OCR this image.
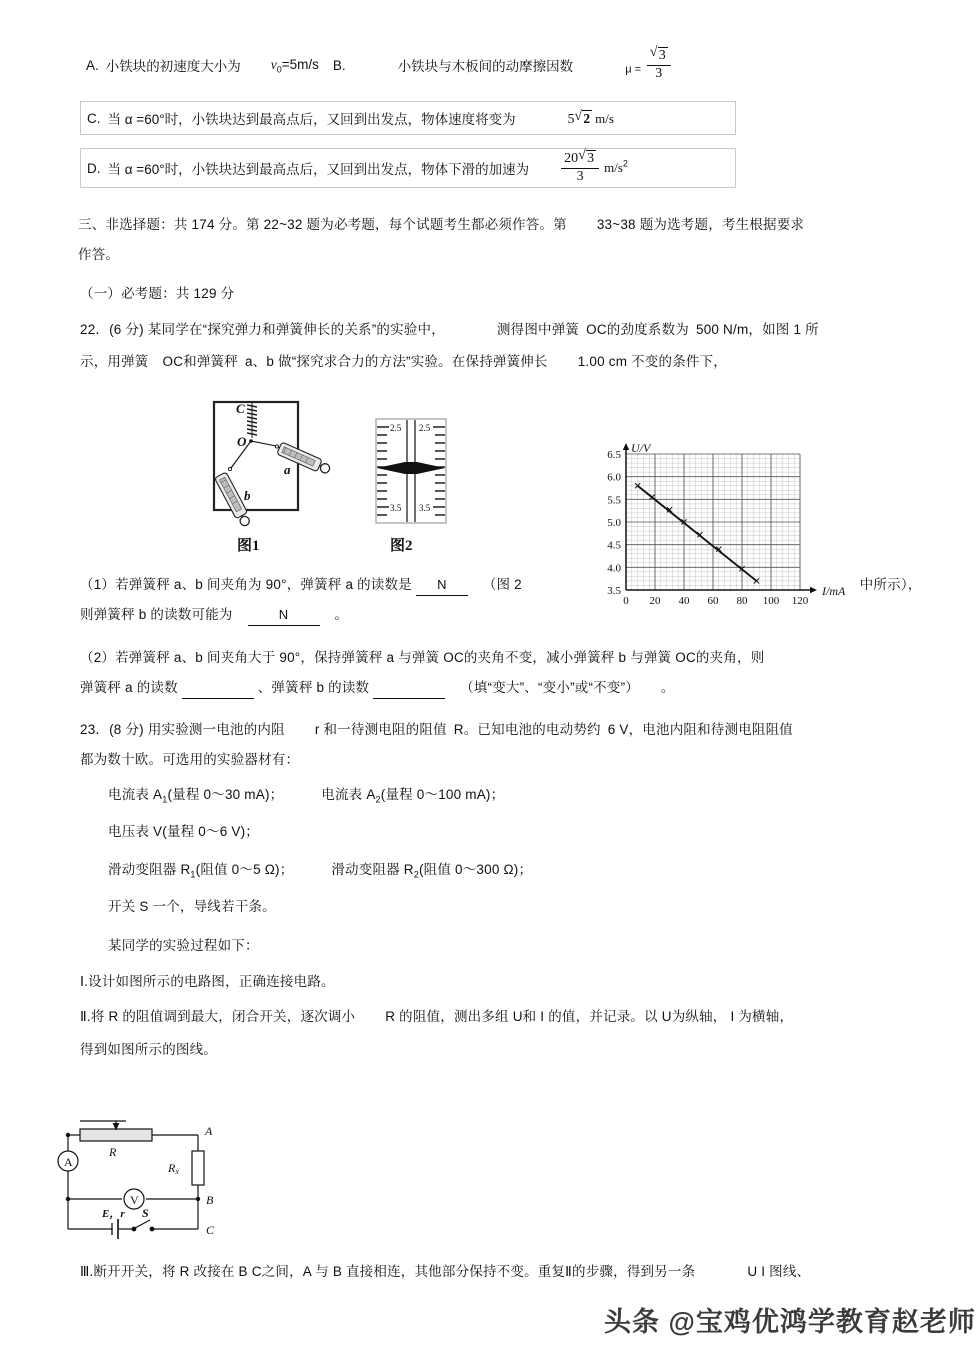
A. 小铁块的初速度大小为 $v_0=5m/s$ B.	小铁块与木板间的动摩擦因数	$_{\mu =}$ √ $\frac{3}{3}$
C. 当 α =60°时，小铁块达到最高点后，又回到出发点，物体速度将变为	5 √ 2 m/s
D. 当 α =60°时，小铁块达到最高点后，又回到出发点，物体下滑的加速为 $\frac{20 √ 3}{3} m/s^2$
三、非选择题：共 174 分。第 22~32 题为必考题，每个试题考生都必须作答。第 33~38 题为选考题，考生根据要求
作答。
（一）必考题：共 129 分
22．(6 分) 某同学在“探究弹力和弹簧伸长的关系”的实验中，	测得图中弹簧 OC的劲度系数为 500 N/m，如图 1 所
示，用弹簧 OC和弹簧秤 a、b 做“探究求合力的方法”实验。在保持弹簧伸长 1.00 cm 不变的条件下，
C
O
a
b
图1
2.5 2.5
3 3
3.5 3.5
图2
3.5
4.0
4.5
5.0
5.5
6.0
6.5
0 20 40 60 80 100 120
U/V
I/mA
（1）若弹簧秤 a、b 间夹角为 90°，弹簧秤 a 的读数是 N	（图 2	中所示），
则弹簧秤 b 的读数可能为	N	。
（2）若弹簧秤 a、b 间夹角大于 90°，保持弹簧秤 a 与弹簧 OC的夹角不变，减小弹簧秤 b 与弹簧 OC的夹角，则
弹簧秤 a 的读数	、弹簧秤 b 的读数	（填“变大”、“变小”或“不变”） 。
23．(8 分) 用实验测一电池的内阻 r 和一待测电阻的阻值 R。已知电池的电动势约 6 V，电池内阻和待测电阻阻值
都为数十欧。可选用的实验器材有：
电流表 $A_1$(量程 0～30 mA)；	电流表 $A_2$(量程 0～100 mA)；
电压表 V(量程 0～6 V)；
滑动变阻器 $R_1$(阻值 0～5 Ω)；	滑动变阻器 $R_2$(阻值 0～300 Ω)；
开关 S 一个，导线若干条。
某同学的实验过程如下：
Ⅰ.设计如图所示的电路图，正确连接电路。
Ⅱ.将 R 的阻值调到最大，闭合开关，逐次调小 R 的阻值，测出多组 U和 I 的值，并记录。以 U为纵轴， I 为横轴，
得到如图所示的图线。
R
Rx
A
V
E，r S
A
B
C
Ⅲ.断开开关，将 R 改接在 B C之间，A 与 B 直接相连，其他部分保持不变。重复Ⅱ的步骤，得到另一条	U I 图线、
头条 @宝鸡优鸿学教育赵老师
